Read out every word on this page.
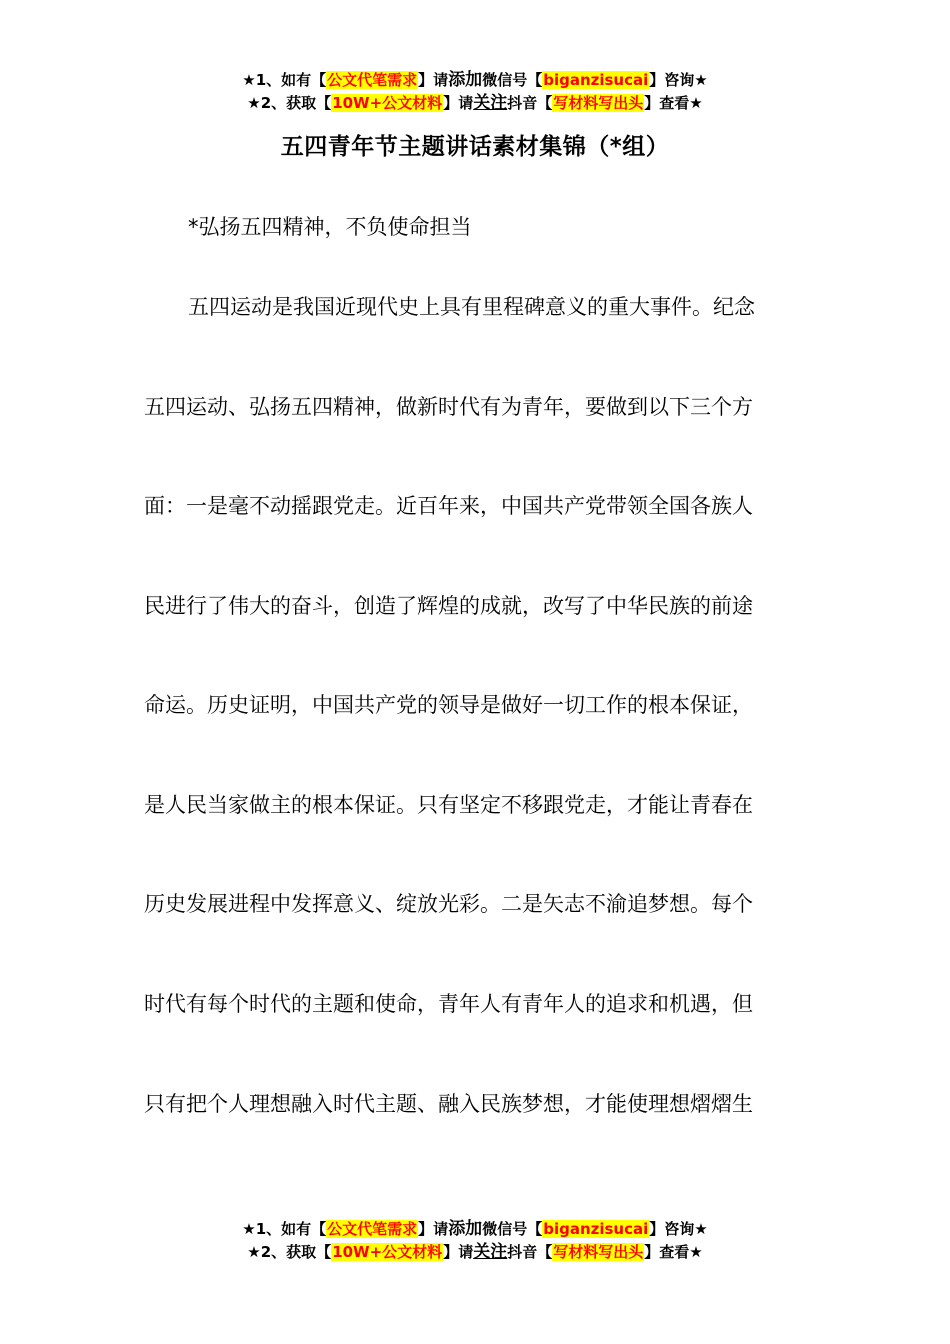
★1、如有【公文代笔需求】请添加微信号【biganzisucai】咨询★
★2、获取【10W+公文材料】请关注抖音【写材料写出头】查看★
五四青年节主题讲话素材集锦（*组）
*弘扬五四精神，不负使命担当
五四运动是我国近现代史上具有里程碑意义的重大事件。纪念
五四运动、弘扬五四精神，做新时代有为青年，要做到以下三个方
面：一是毫不动摇跟党走。近百年来，中国共产党带领全国各族人
民进行了伟大的奋斗，创造了辉煌的成就，改写了中华民族的前途
命运。历史证明，中国共产党的领导是做好一切工作的根本保证，
是人民当家做主的根本保证。只有坚定不移跟党走，才能让青春在
历史发展进程中发挥意义、绽放光彩。二是矢志不渝追梦想。每个
时代有每个时代的主题和使命，青年人有青年人的追求和机遇，但
只有把个人理想融入时代主题、融入民族梦想，才能使理想熠熠生
★1、如有【公文代笔需求】请添加微信号【biganzisucai】咨询★
★2、获取【10W+公文材料】请关注抖音【写材料写出头】查看★
